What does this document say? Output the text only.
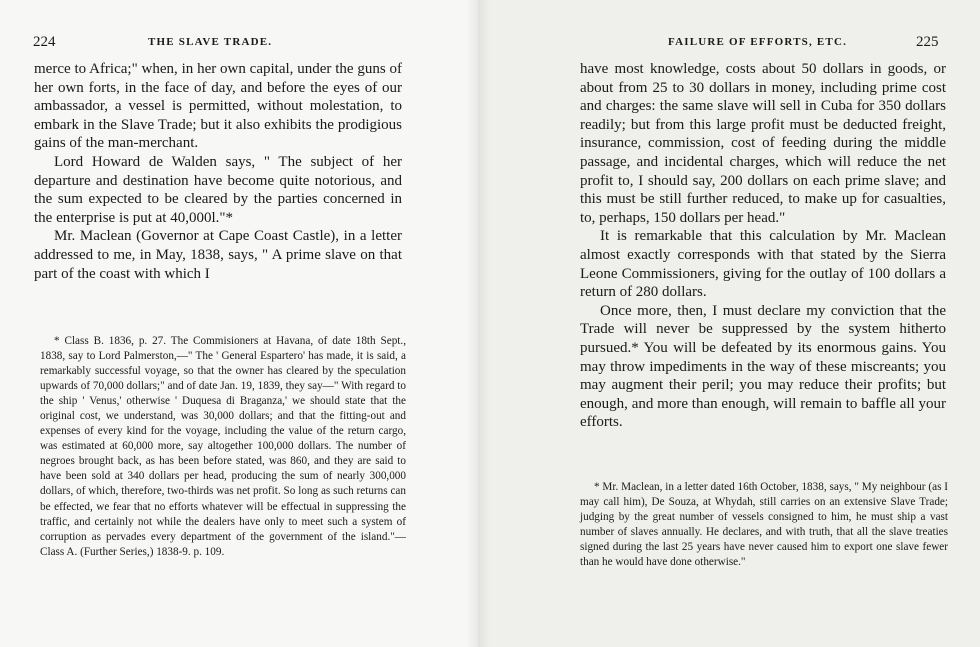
224	THE SLAVE TRADE.

merce to Africa;" when, in her own capital, under the guns of her own forts, in the face of day, and before the eyes of our ambassador, a vessel is permitted, without molestation, to embark in the Slave Trade; but it also exhibits the prodigious gains of the man-merchant.

Lord Howard de Walden says, " The subject of her departure and destination have become quite notorious, and the sum expected to be cleared by the parties concerned in the enterprise is put at 40,000l."*

Mr. Maclean (Governor at Cape Coast Castle), in a letter addressed to me, in May, 1838, says, " A prime slave on that part of the coast with which I

* Class B. 1836, p. 27. The Commisioners at Havana, of date 18th Sept., 1838, say to Lord Palmerston,—" The ' General Espartero' has made, it is said, a remarkably successful voyage, so that the owner has cleared by the speculation upwards of 70,000 dollars;" and of date Jan. 19, 1839, they say—" With regard to the ship ' Venus,' otherwise ' Duquesa di Braganza,' we should state that the original cost, we understand, was 30,000 dollars; and that the fitting-out and expenses of every kind for the voyage, including the value of the return cargo, was estimated at 60,000 more, say altogether 100,000 dollars. The number of negroes brought back, as has been before stated, was 860, and they are said to have been sold at 340 dollars per head, producing the sum of nearly 300,000 dollars, of which, therefore, two-thirds was net profit. So long as such returns can be effected, we fear that no efforts whatever will be effectual in suppressing the traffic, and certainly not while the dealers have only to meet such a system of corruption as pervades every department of the government of the island."—Class A. (Further Series,) 1838-9. p. 109.

FAILURE OF EFFORTS, ETC.	225

have most knowledge, costs about 50 dollars in goods, or about from 25 to 30 dollars in money, including prime cost and charges: the same slave will sell in Cuba for 350 dollars readily; but from this large profit must be deducted freight, insurance, commission, cost of feeding during the middle passage, and incidental charges, which will reduce the net profit to, I should say, 200 dollars on each prime slave; and this must be still further reduced, to make up for casualties, to, perhaps, 150 dollars per head."

It is remarkable that this calculation by Mr. Maclean almost exactly corresponds with that stated by the Sierra Leone Commissioners, giving for the outlay of 100 dollars a return of 280 dollars.

Once more, then, I must declare my conviction that the Trade will never be suppressed by the system hitherto pursued.* You will be defeated by its enormous gains. You may throw impediments in the way of these miscreants; you may augment their peril; you may reduce their profits; but enough, and more than enough, will remain to baffle all your efforts.

* Mr. Maclean, in a letter dated 16th October, 1838, says, " My neighbour (as I may call him), De Souza, at Whydah, still carries on an extensive Slave Trade; judging by the great number of vessels consigned to him, he must ship a vast number of slaves annually. He declares, and with truth, that all the slave treaties signed during the last 25 years have never caused him to export one slave fewer than he would have done otherwise."
